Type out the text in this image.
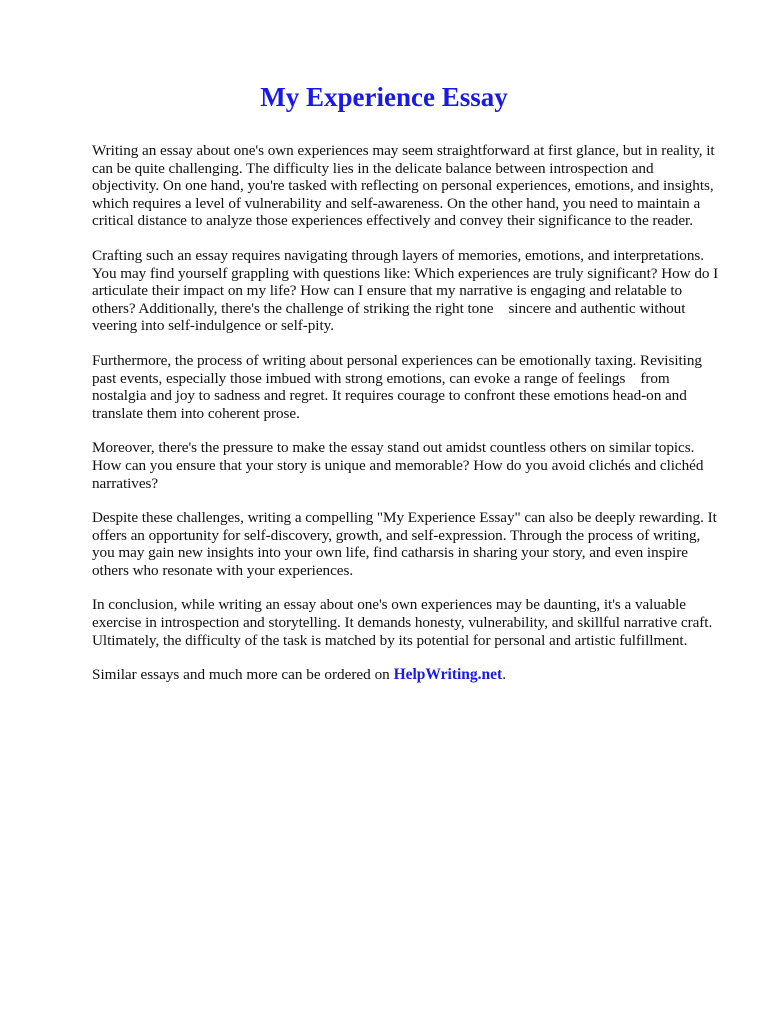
My Experience Essay

Writing an essay about one's own experiences may seem straightforward at first glance, but in reality, it can be quite challenging. The difficulty lies in the delicate balance between introspection and objectivity. On one hand, you're tasked with reflecting on personal experiences, emotions, and insights, which requires a level of vulnerability and self-awareness. On the other hand, you need to maintain a critical distance to analyze those experiences effectively and convey their significance to the reader.

Crafting such an essay requires navigating through layers of memories, emotions, and interpretations. You may find yourself grappling with questions like: Which experiences are truly significant? How do I articulate their impact on my life? How can I ensure that my narrative is engaging and relatable to others? Additionally, there's the challenge of striking the right tone    sincere and authentic without veering into self-indulgence or self-pity.

Furthermore, the process of writing about personal experiences can be emotionally taxing. Revisiting past events, especially those imbued with strong emotions, can evoke a range of feelings    from nostalgia and joy to sadness and regret. It requires courage to confront these emotions head-on and translate them into coherent prose.

Moreover, there's the pressure to make the essay stand out amidst countless others on similar topics. How can you ensure that your story is unique and memorable? How do you avoid clichés and clichéd narratives?

Despite these challenges, writing a compelling "My Experience Essay" can also be deeply rewarding. It offers an opportunity for self-discovery, growth, and self-expression. Through the process of writing, you may gain new insights into your own life, find catharsis in sharing your story, and even inspire others who resonate with your experiences.

In conclusion, while writing an essay about one's own experiences may be daunting, it's a valuable exercise in introspection and storytelling. It demands honesty, vulnerability, and skillful narrative craft. Ultimately, the difficulty of the task is matched by its potential for personal and artistic fulfillment.

Similar essays and much more can be ordered on HelpWriting.net.
